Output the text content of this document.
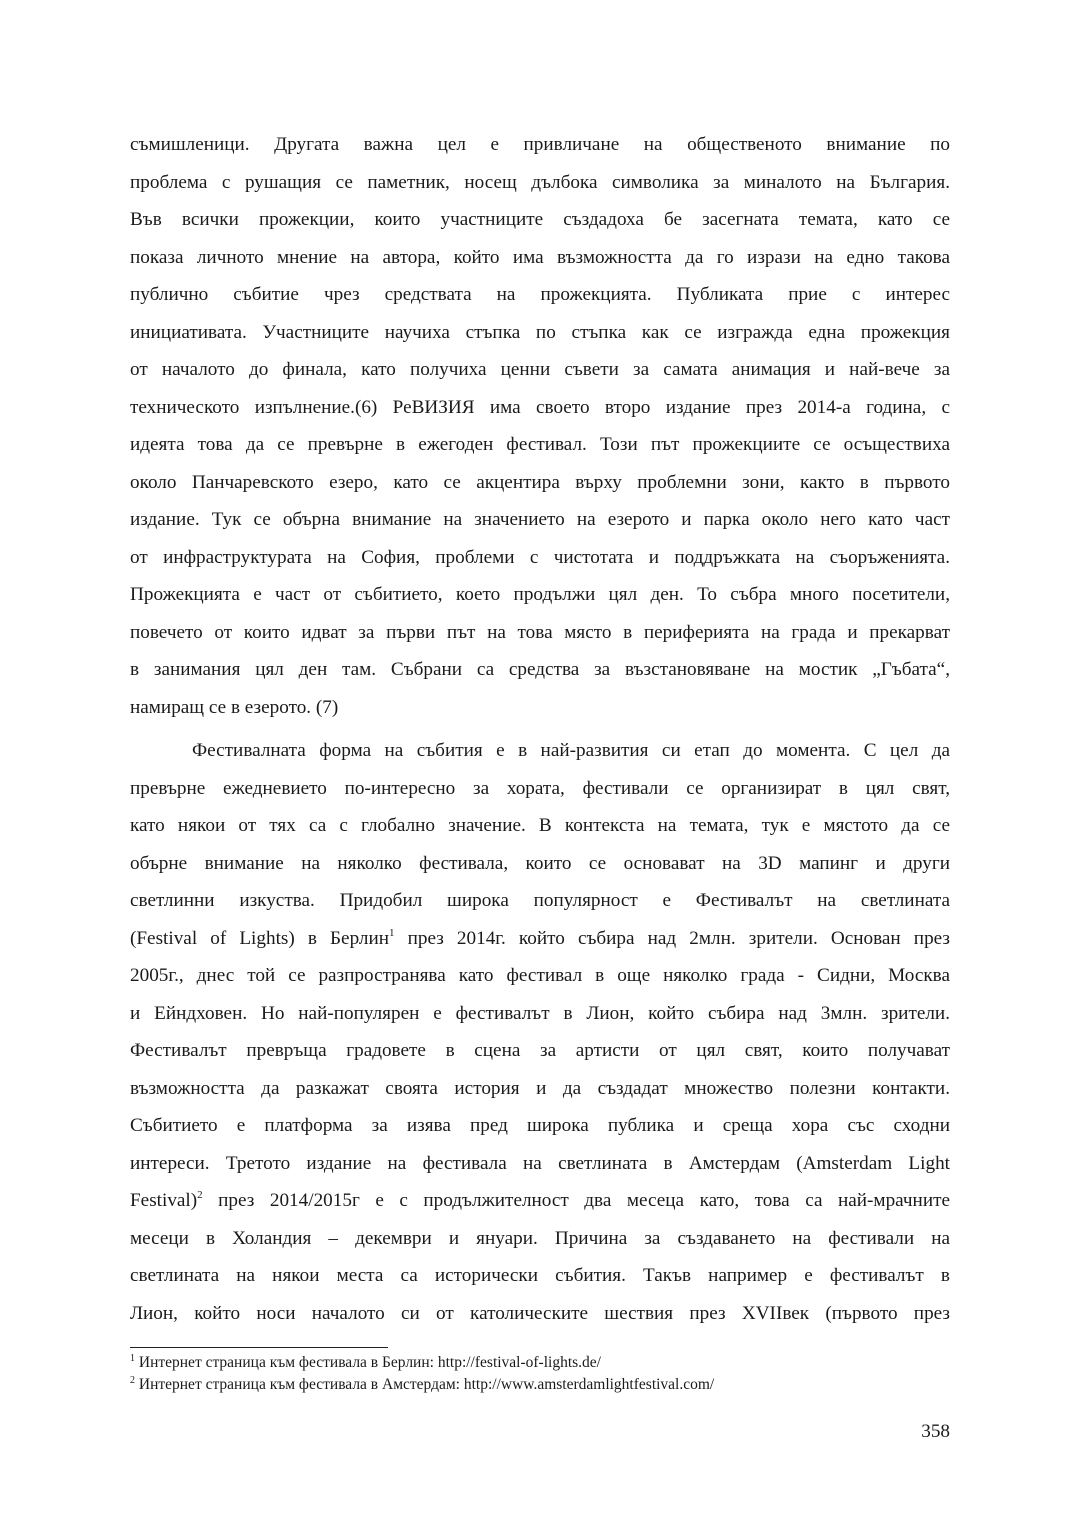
съмишленици. Другата важна цел е привличане на общественото внимание по
проблема с рушащия се паметник, носещ дълбока символика за миналото на България.
Във всички прожекции, които участниците създадоха бе засегната темата, като се
показа личното мнение на автора, който има възможността да го изрази на едно такова
публично събитие чрез средствата на прожекцията. Публиката прие с интерес
инициативата. Участниците научиха стъпка по стъпка как се изгражда една прожекция
от началото до финала, като получиха ценни съвети за самата анимация и най-вече за
техническото изпълнение.(6) РеВИЗИЯ има своето второ издание през 2014-а година, с
идеята това да се превърне в ежегоден фестивал. Този път прожекциите се осъществиха
около Панчаревското езеро, като се акцентира върху проблемни зони, както в първото
издание. Тук се обърна внимание на значението на езерото и парка около него като част
от инфраструктурата на София, проблеми с чистотата и поддръжката на съоръженията.
Прожекцията е част от събитието, което продължи цял ден. То събра много посетители,
повечето от които идват за първи път на това място в периферията на града и прекарват
в занимания цял ден там. Събрани са средства за възстановяване на мостик „Гъбата“,
намиращ се в езерото. (7)
Фестивалната форма на събития е в най-развития си етап до момента. С цел да
превърне ежедневието по-интересно за хората, фестивали се организират в цял свят,
като някои от тях са с глобално значение. В контекста на темата, тук е мястото да се
обърне внимание на няколко фестивала, които се основават на 3D мапинг и други
светлинни изкуства. Придобил широка популярност е Фестивалът на светлината
(Festival of Lights) в Берлин$^1$ през 2014г. който събира над 2млн. зрители. Основан през
2005г., днес той се разпространява като фестивал в още няколко града - Сидни, Москва
и Ейндховен. Но най-популярен е фестивалът в Лион, който събира над 3млн. зрители.
Фестивалът превръща градовете в сцена за артисти от цял свят, които получават
възможността да разкажат своята история и да създадат множество полезни контакти.
Събитието е платформа за изява пред широка публика и среща хора със сходни
интереси. Третото издание на фестивала на светлината в Амстердам (Amsterdam Light
Festival)$^2$ през 2014/2015г е с продължителност два месеца като, това са най-мрачните
месеци в Холандия – декември и януари. Причина за създаването на фестивали на
светлината на някои места са исторически събития. Такъв например е фестивалът в
Лион, който носи началото си от католическите шествия през XVIIвек (първото през
$^1$ Интернет страница към фестивала в Берлин: http://festival-of-lights.de/
$^2$ Интернет страница към фестивала в Амстердам: http://www.amsterdamlightfestival.com/
358
